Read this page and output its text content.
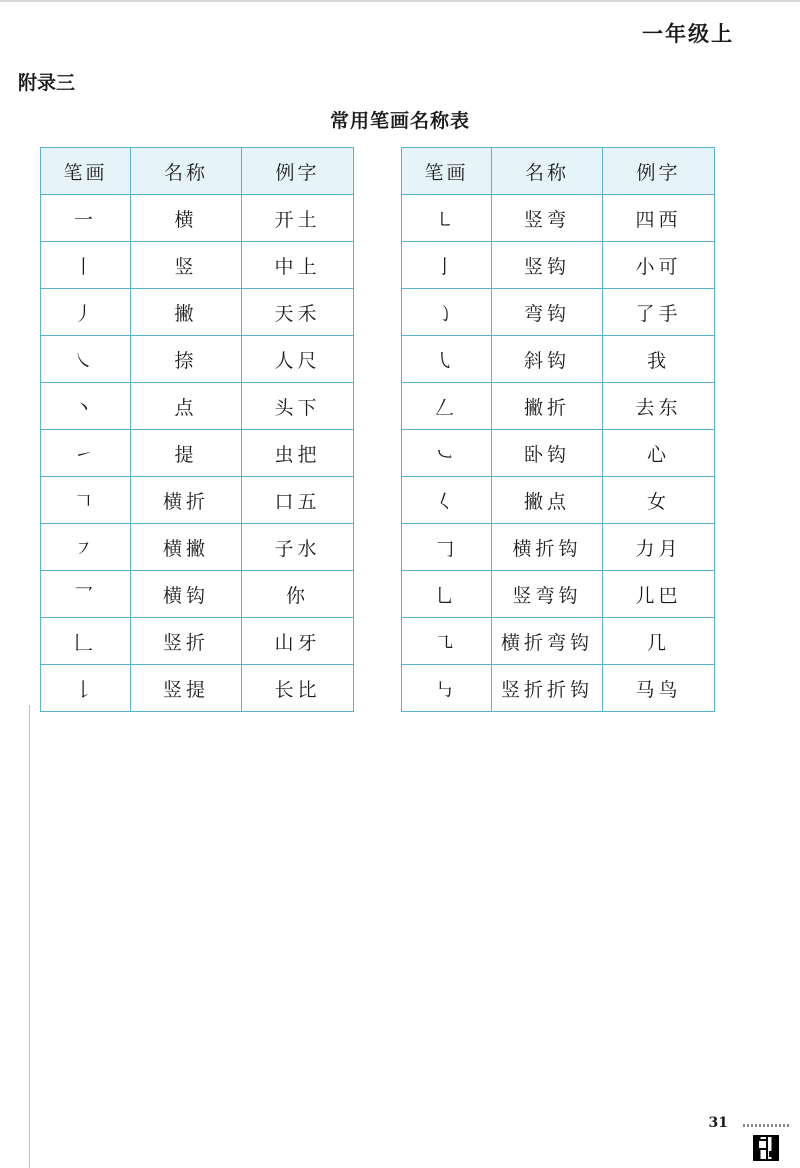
一年级上
附录三
常用笔画名称表
笔画	名称	例字
一	横	开土
丨	竖	中上
丿	撇	天禾
㇏	捺	人尺
丶	点	头下
㇀	提	虫把
𠃍	横折	口五
㇇	横撇	子水
乛	横钩	你
𠃊	竖折	山牙
𠄌	竖提	长比
笔画	名称	例字
㇄	竖弯	四西
亅	竖钩	小可
㇁	弯钩	了手
㇂	斜钩	我
𠃋	撇折	去东
㇃	卧钩	心
𡿨	撇点	女
𠃌	横折钩	力月
乚	竖弯钩	儿巴
㇈	横折弯钩	几
㇉	竖折折钩	马鸟
31
